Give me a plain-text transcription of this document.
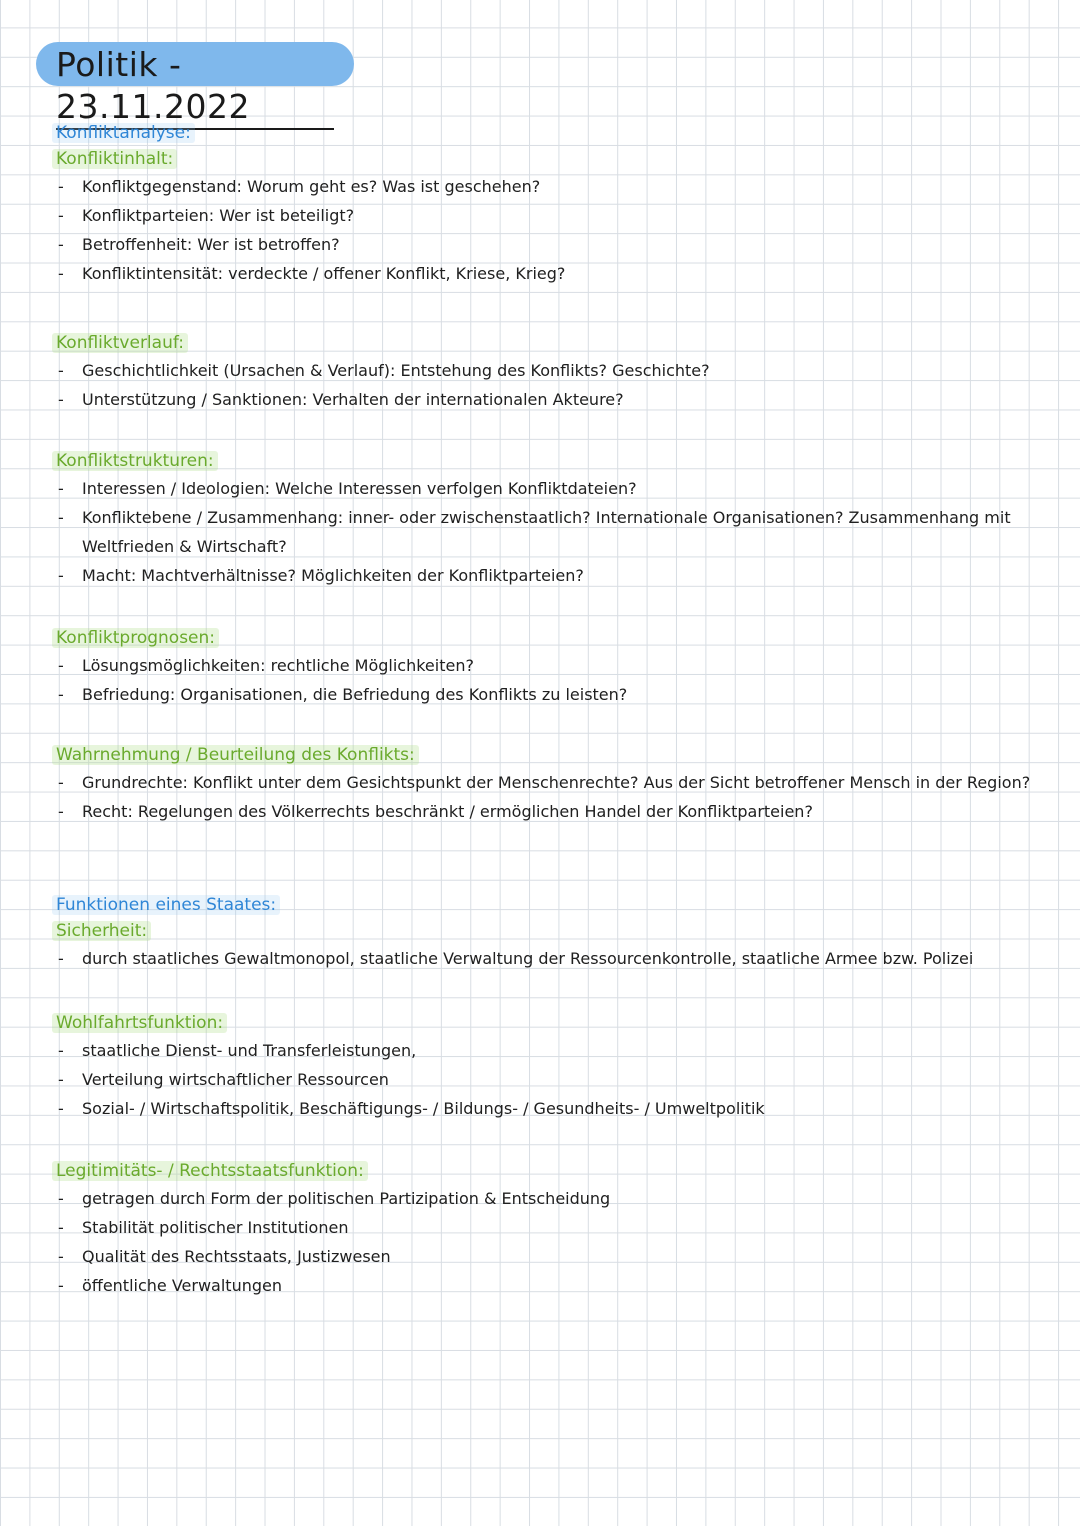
Politik - 23.11.2022
Konfliktanalyse:
Konfliktinhalt:
- Konfliktgegenstand: Worum geht es? Was ist geschehen?
- Konfliktparteien: Wer ist beteiligt?
- Betroffenheit: Wer ist betroffen?
- Konfliktintensität: verdeckte / offener Konflikt, Kriese, Krieg?
Konfliktverlauf:
- Geschichtlichkeit (Ursachen & Verlauf): Entstehung des Konflikts? Geschichte?
- Unterstützung / Sanktionen: Verhalten der internationalen Akteure?
Konfliktstrukturen:
- Interessen / Ideologien: Welche Interessen verfolgen Konfliktdateien?
- Konfliktebene / Zusammenhang: inner- oder zwischenstaatlich? Internationale Organisationen? Zusammenhang mit Weltfrieden & Wirtschaft?
- Macht: Machtverhältnisse? Möglichkeiten der Konfliktparteien?
Konfliktprognosen:
- Lösungsmöglichkeiten: rechtliche Möglichkeiten?
- Befriedung: Organisationen, die Befriedung des Konflikts zu leisten?
Wahrnehmung / Beurteilung des Konflikts:
- Grundrechte: Konflikt unter dem Gesichtspunkt der Menschenrechte? Aus der Sicht betroffener Mensch in der Region?
- Recht: Regelungen des Völkerrechts beschränkt / ermöglichen Handel der Konfliktparteien?
Funktionen eines Staates:
Sicherheit:
- durch staatliches Gewaltmonopol, staatliche Verwaltung der Ressourcenkontrolle, staatliche Armee bzw. Polizei
Wohlfahrtsfunktion:
- staatliche Dienst- und Transferleistungen,
- Verteilung wirtschaftlicher Ressourcen
- Sozial- / Wirtschaftspolitik, Beschäftigungs- / Bildungs- / Gesundheits- / Umweltpolitik
Legitimitäts- / Rechtsstaatsfunktion:
- getragen durch Form der politischen Partizipation & Entscheidung
- Stabilität politischer Institutionen
- Qualität des Rechtsstaats, Justizwesen
- öffentliche Verwaltungen
